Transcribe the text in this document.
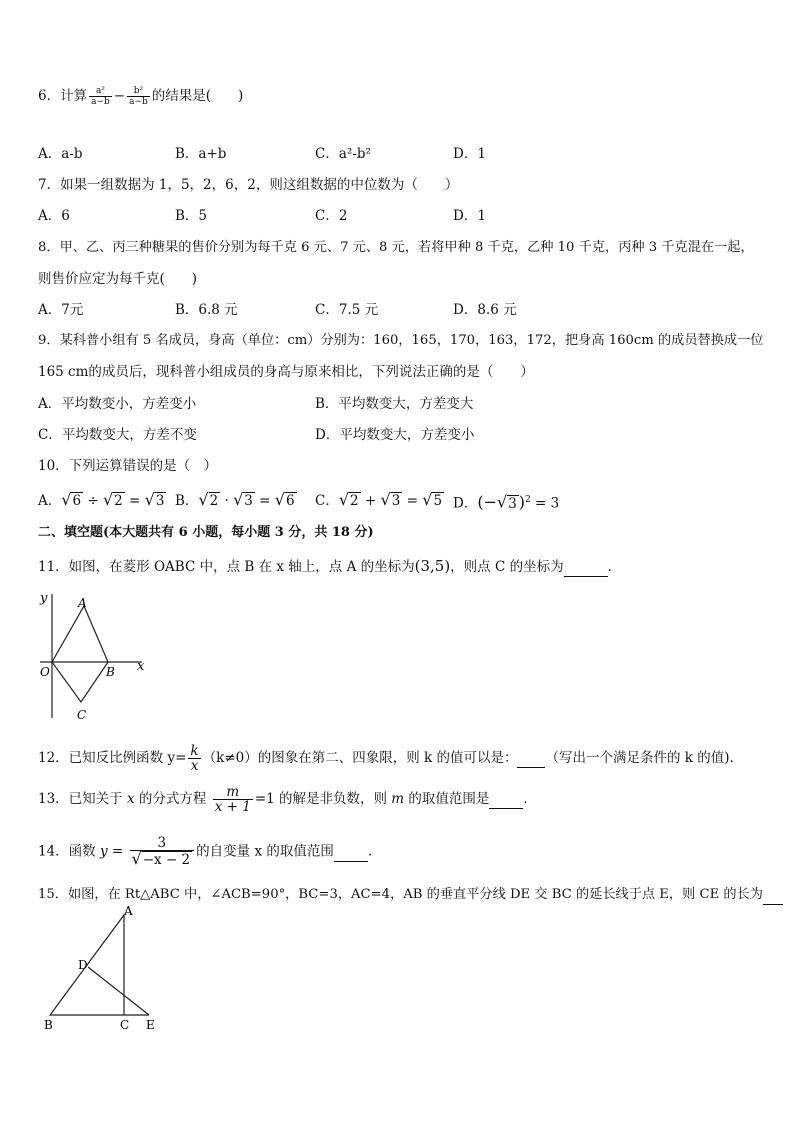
6．计算 $\frac{\text{a²}}{a-b} - \frac{\text{b²}}{a-b}$ 的结果是(　　)
A．a-b	B．a+b	C．a²-b²	D．1
7．如果一组数据为 1，5，2，6，2，则这组数据的中位数为（　　）
A．6	B．5	C．2	D．1
8．甲、乙、丙三种糖果的售价分别为每千克 6 元、7 元、8 元，若将甲种 8 千克，乙种 10 千克，丙种 3 千克混在一起，
则售价应定为每千克(　　)
A．7元	B．6.8 元	C．7.5 元	D．8.6 元
9．某科普小组有 5 名成员，身高（单位：cm）分别为：160，165，170，163，172，把身高 160cm 的成员替换成一位
165 cm的成员后，现科普小组成员的身高与原来相比，下列说法正确的是（　　）
A．平均数变小，方差变小	B．平均数变大，方差变大
C．平均数变大，方差不变	D．平均数变大，方差变小
10．下列运算错误的是（　）
A．√6 ÷ √2 = √3 B．√2 · √3 = √6 C．√2 + √3 = √5 D．(−√3 )$^2$ = 3
二、填空题(本大题共有 6 小题，每小题 3 分，共 18 分)
11．如图，在菱形 OABC 中，点 B 在 x 轴上，点 A 的坐标为(3,5)，则点 C 的坐标为	．
y	A
O	B x
C
12．已知反比例函数 $y= \frac{k}{x} (k\ne 0)$的图象在第二、四象限，则 k 的值可以是： （写出一个满足条件的 k 的值)．
13．已知关于 x 的分式方程 $\frac{m}{x + 1} =1$ 的解是非负数，则 m 的取值范围是	．
14．函数 $y = \frac{3}{√-x - 2}$ 的自变量 x 的取值范围	.
15．如图，在 Rt△ABC 中，∠ACB=90°，BC=3，AC=4，AB 的垂直平分线 DE 交 BC 的延长线于点 E，则 CE 的长为
A
D
B	C E
